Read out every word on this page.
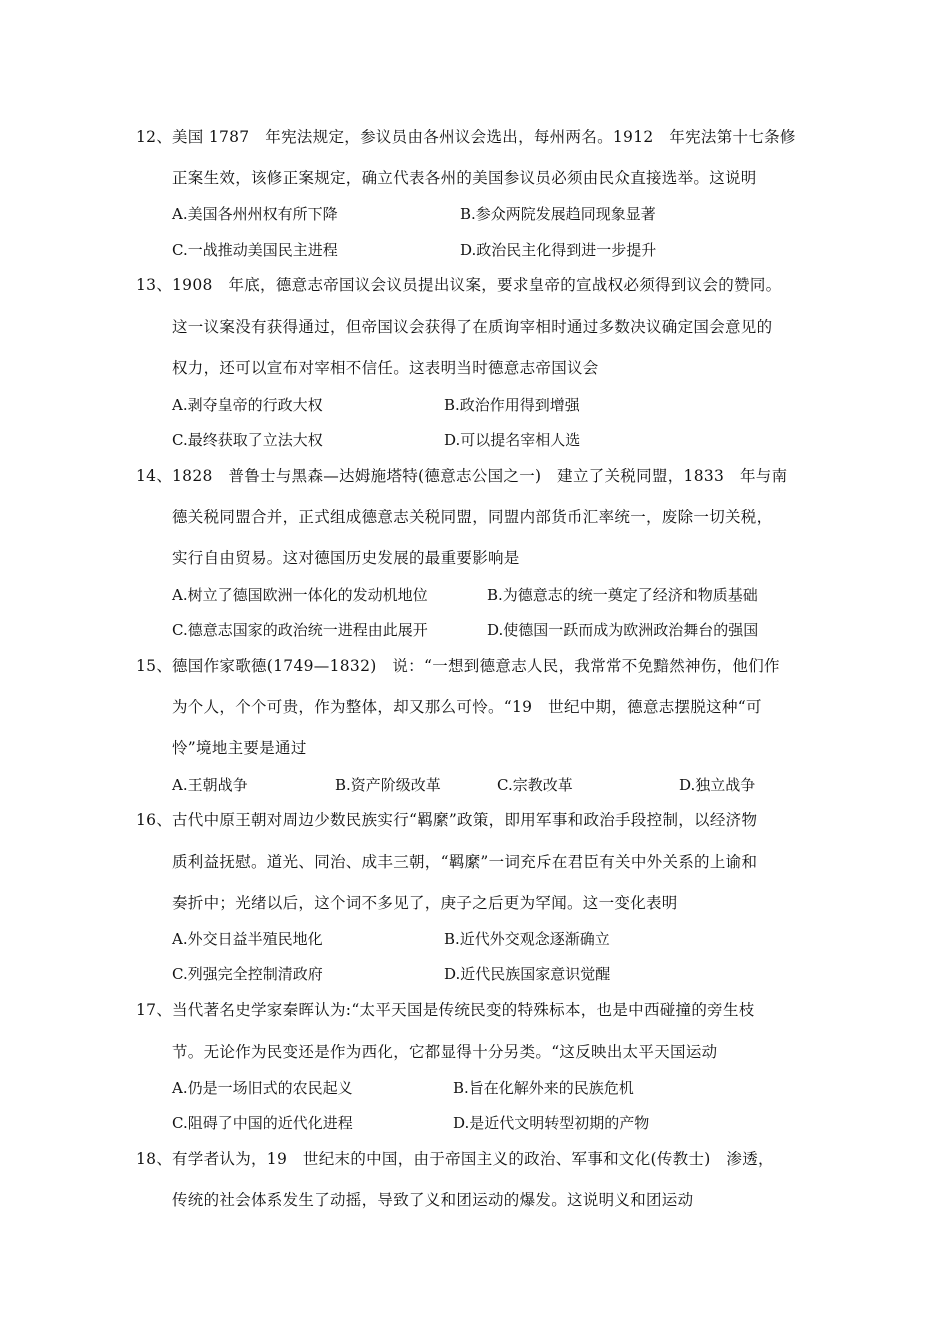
12、 美国 1787　年宪法规定，参议员由各州议会选出，每州两名。1912　年宪法第十七条修
正案生效，该修正案规定，确立代表各州的美国参议员必须由民众直接选举。这说明
A.美国各州州权有所下降	B.参众两院发展趋同现象显著
C.一战推动美国民主进程	D.政治民主化得到进一步提升
13、 1908　年底，德意志帝国议会议员提出议案，要求皇帝的宣战权必须得到议会的赞同。
这一议案没有获得通过，但帝国议会获得了在质询宰相时通过多数决议确定国会意见的
权力，还可以宣布对宰相不信任。这表明当时德意志帝国议会
A.剥夺皇帝的行政大权	B.政治作用得到增强
C.最终获取了立法大权	D.可以提名宰相人选
14、 1828　普鲁士与黑森—达姆施塔特(德意志公国之一)　建立了关税同盟，1833　年与南
德关税同盟合并，正式组成德意志关税同盟，同盟内部货币汇率统一，废除一切关税，
实行自由贸易。这对德国历史发展的最重要影响是
A.树立了德国欧洲一体化的发动机地位	B.为德意志的统一奠定了经济和物质基础
C.德意志国家的政治统一进程由此展开	D.使德国一跃而成为欧洲政治舞台的强国
15、 德国作家歌德(1749—1832)　说：“一想到德意志人民，我常常不免黯然神伤，他们作
为个人，个个可贵，作为整体，却又那么可怜。“19　世纪中期，德意志摆脱这种“可
怜”境地主要是通过
A.王朝战争	B.资产阶级改革	C.宗教改革	D.独立战争
16、 古代中原王朝对周边少数民族实行“羁縻”政策，即用军事和政治手段控制，以经济物
质利益抚慰。道光、同治、成丰三朝，“羁縻”一词充斥在君臣有关中外关系的上谕和
奏折中；光绪以后，这个词不多见了，庚子之后更为罕闻。这一变化表明
A.外交日益半殖民地化	B.近代外交观念逐渐确立
C.列强完全控制清政府	D.近代民族国家意识觉醒
17、 当代著名史学家秦晖认为:“太平天国是传统民变的特殊标本，也是中西碰撞的旁生枝
节。无论作为民变还是作为西化，它都显得十分另类。“这反映出太平天国运动
A.仍是一场旧式的农民起义	B.旨在化解外来的民族危机
C.阻碍了中国的近代化进程	D.是近代文明转型初期的产物
18、 有学者认为，19　世纪末的中国，由于帝国主义的政治、军事和文化(传教士)　渗透，
传统的社会体系发生了动摇，导致了义和团运动的爆发。这说明义和团运动
